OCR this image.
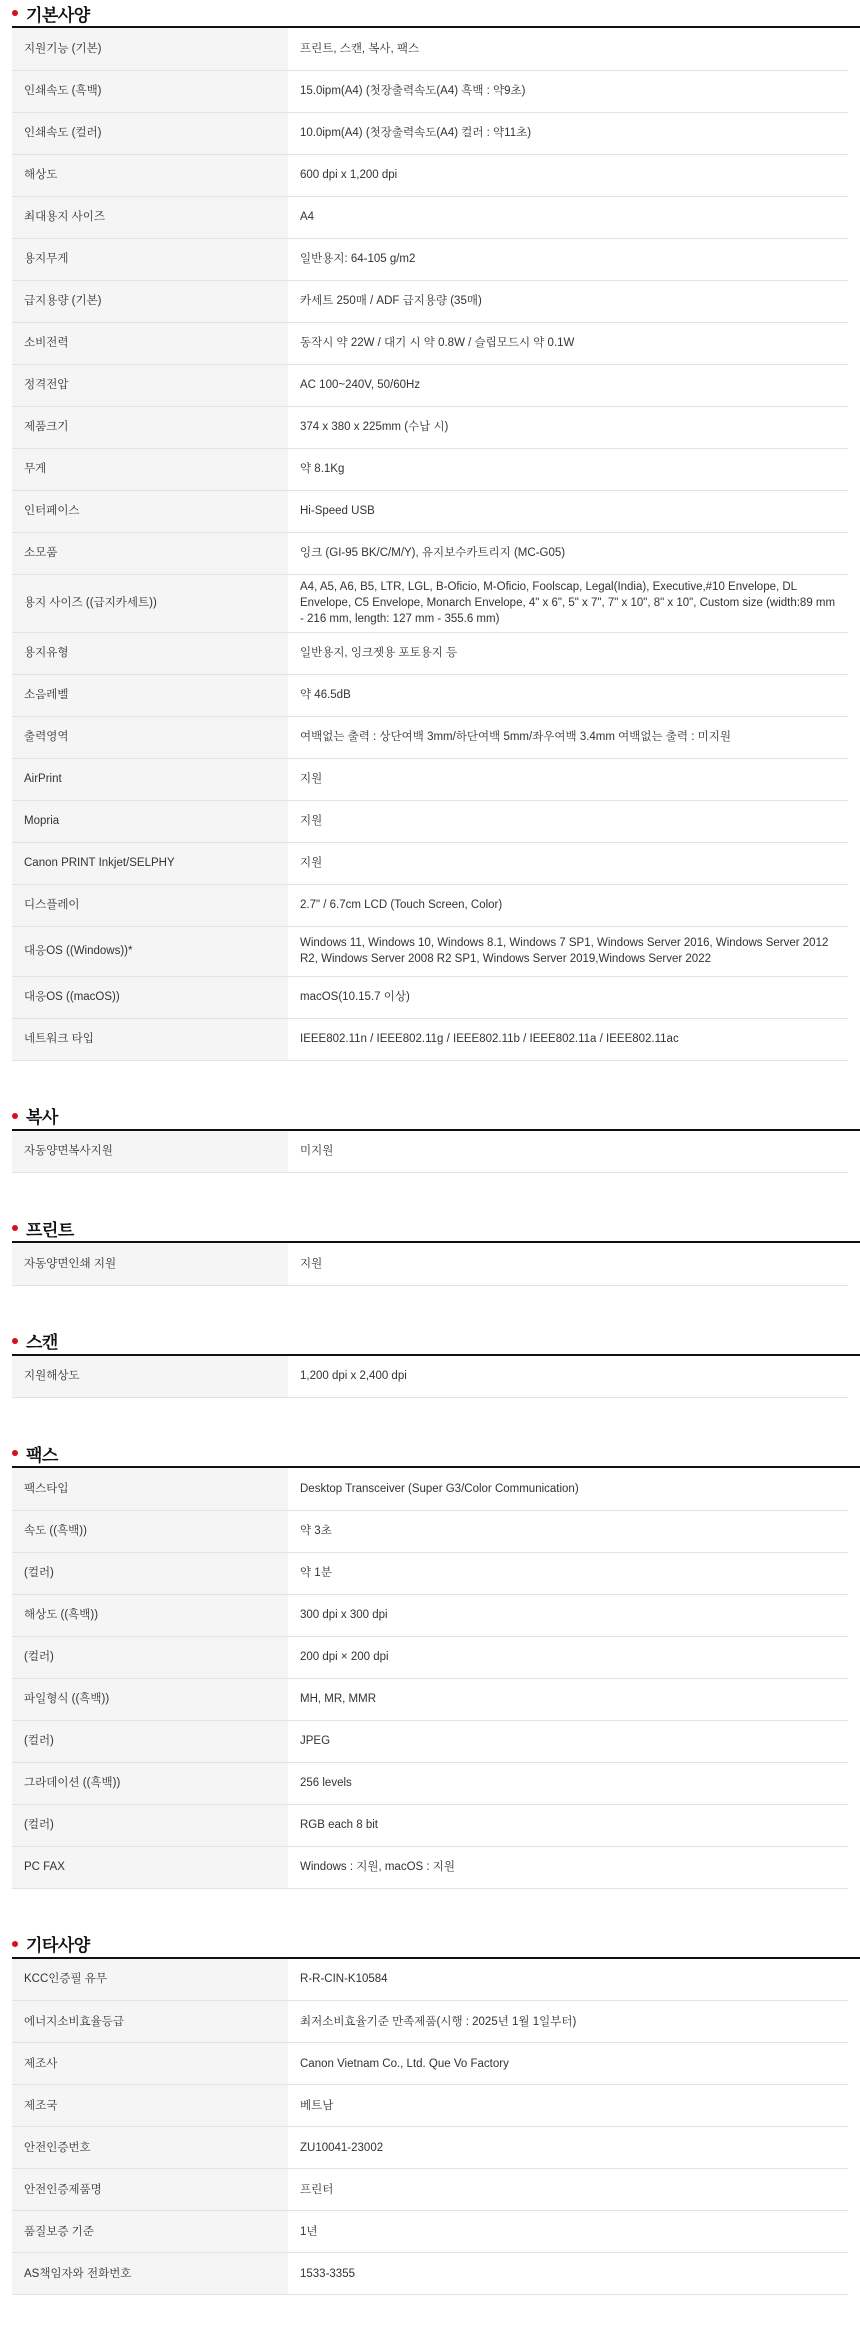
기본사양
지원기능 (기본)	프린트, 스캔, 복사, 팩스
인쇄속도 (흑백)	15.0ipm(A4) (첫장출력속도(A4) 흑백 : 약9초)
인쇄속도 (컬러)	10.0ipm(A4) (첫장출력속도(A4) 컬러 : 약11초)
해상도	600 dpi x 1,200 dpi
최대용지 사이즈	A4
용지무게	일반용지: 64-105 g/m2
급지용량 (기본)	카세트 250매 / ADF 급지용량 (35매)
소비전력	동작시 약 22W / 대기 시 약 0.8W / 슬립모드시 약 0.1W
정격전압	AC 100~240V, 50/60Hz
제품크기	374 x 380 x 225mm (수납 시)
무게	약 8.1Kg
인터페이스	Hi-Speed USB
소모품	잉크 (GI-95 BK/C/M/Y), 유지보수카트리지 (MC-G05)
용지 사이즈 ((급지카세트))	A4, A5, A6, B5, LTR, LGL, B-Oficio, M-Oficio, Foolscap, Legal(India), Executive,#10 Envelope, DL Envelope, C5 Envelope, Monarch Envelope, 4" x 6", 5" x 7", 7" x 10", 8" x 10", Custom size (width:89 mm - 216 mm, length: 127 mm - 355.6 mm)
용지유형	일반용지, 잉크젯용 포토용지 등
소음레벨	약 46.5dB
출력영역	여백없는 출력 : 상단여백 3mm/하단여백 5mm/좌우여백 3.4mm 여백없는 출력 : 미지원
AirPrint	지원
Mopria	지원
Canon PRINT Inkjet/SELPHY	지원
디스플레이	2.7" / 6.7cm LCD (Touch Screen, Color)
대응OS ((Windows))*	Windows 11, Windows 10, Windows 8.1, Windows 7 SP1, Windows Server 2016, Windows Server 2012 R2, Windows Server 2008 R2 SP1, Windows Server 2019,Windows Server 2022
대응OS ((macOS))	macOS(10.15.7 이상)
네트워크 타입	IEEE802.11n / IEEE802.11g / IEEE802.11b / IEEE802.11a / IEEE802.11ac
복사
자동양면복사지원	미지원
프린트
자동양면인쇄 지원	지원
스캔
지원해상도	1,200 dpi x 2,400 dpi
팩스
팩스타입	Desktop Transceiver (Super G3/Color Communication)
속도 ((흑백))	약 3초
(컬러)	약 1분
해상도 ((흑백))	300 dpi x 300 dpi
(컬러)	200 dpi × 200 dpi
파일형식 ((흑백))	MH, MR, MMR
(컬러)	JPEG
그라데이션 ((흑백))	256 levels
(컬러)	RGB each 8 bit
PC FAX	Windows : 지원, macOS : 지원
기타사양
KCC인증필 유무	R-R-CIN-K10584
에너지소비효율등급	최저소비효율기준 만족제품(시행 : 2025년 1월 1일부터)
제조사	Canon Vietnam Co., Ltd. Que Vo Factory
제조국	베트남
안전인증번호	ZU10041-23002
안전인증제품명	프린터
품질보증 기준	1년
AS책임자와 전화번호	1533-3355
